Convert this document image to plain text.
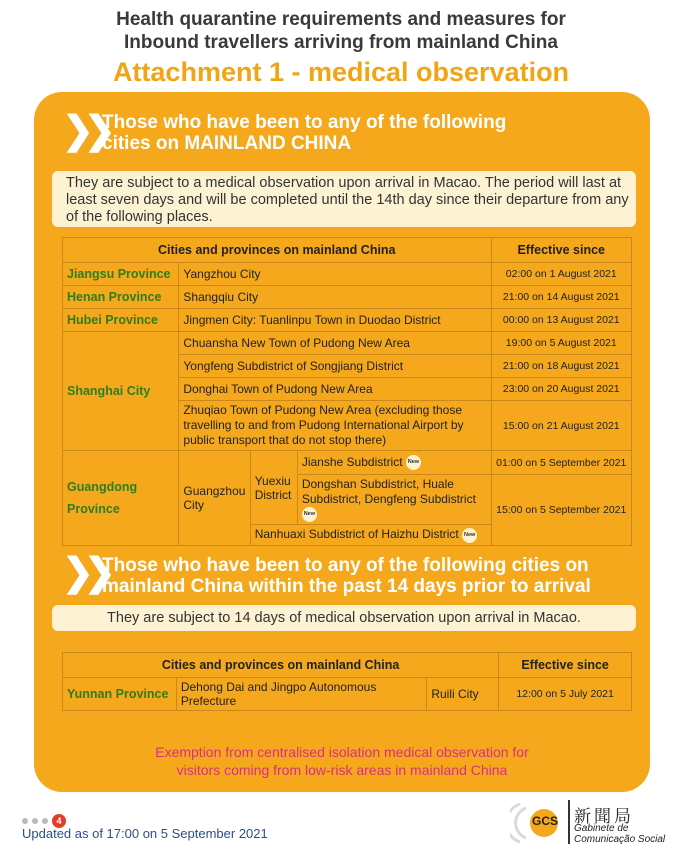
Health quarantine requirements and measures for
Inbound travellers arriving from mainland China
Attachment 1 - medical observation
❯❯
Those who have been to any of the following
cities on MAINLAND CHINA
They are subject to a medical observation upon arrival in Macao. The period will last at least seven days and will be completed until the 14th day since their departure from any of the following places.
Cities and provinces on mainland China				Effective since
Jiangsu Province	Yangzhou City			02:00 on 1 August 2021
Henan Province	Shangqiu City			21:00 on 14 August 2021
Hubei Province	Jingmen City: Tuanlinpu Town in Duodao District			00:00 on 13 August 2021
Shanghai City	Chuansha New Town of Pudong New Area			19:00 on 5 August 2021
	Yongfeng Subdistrict of Songjiang District			21:00 on 18 August 2021
	Donghai Town of Pudong New Area			23:00 on 20 August 2021
	Zhuqiao Town of Pudong New Area (excluding those travelling to and from Pudong International Airport by public transport that do not stop there)			15:00 on 21 August 2021
Guangdong Province	Guangzhou City	Yuexiu District	Jianshe Subdistrict New	01:00 on 5 September 2021
			Dongshan Subdistrict, Huale Subdistrict, Dengfeng Subdistrict New	15:00 on 5 September 2021
		Nanhuaxi Subdistrict of Haizhu District New		
❯❯
Those who have been to any of the following cities on
mainland China within the past 14 days prior to arrival
They are subject to 14 days of medical observation upon arrival in Macao.
Cities and provinces on mainland China			Effective since
Yunnan Province	Dehong Dai and Jingpo Autonomous Prefecture	Ruili City	12:00 on 5 July 2021
Exemption from centralised isolation medical observation for
visitors coming from low-risk areas in mainland China
4
Updated as of 17:00 on 5 September 2021
GCS 新聞局
Gabinete de
Comunicação Social
